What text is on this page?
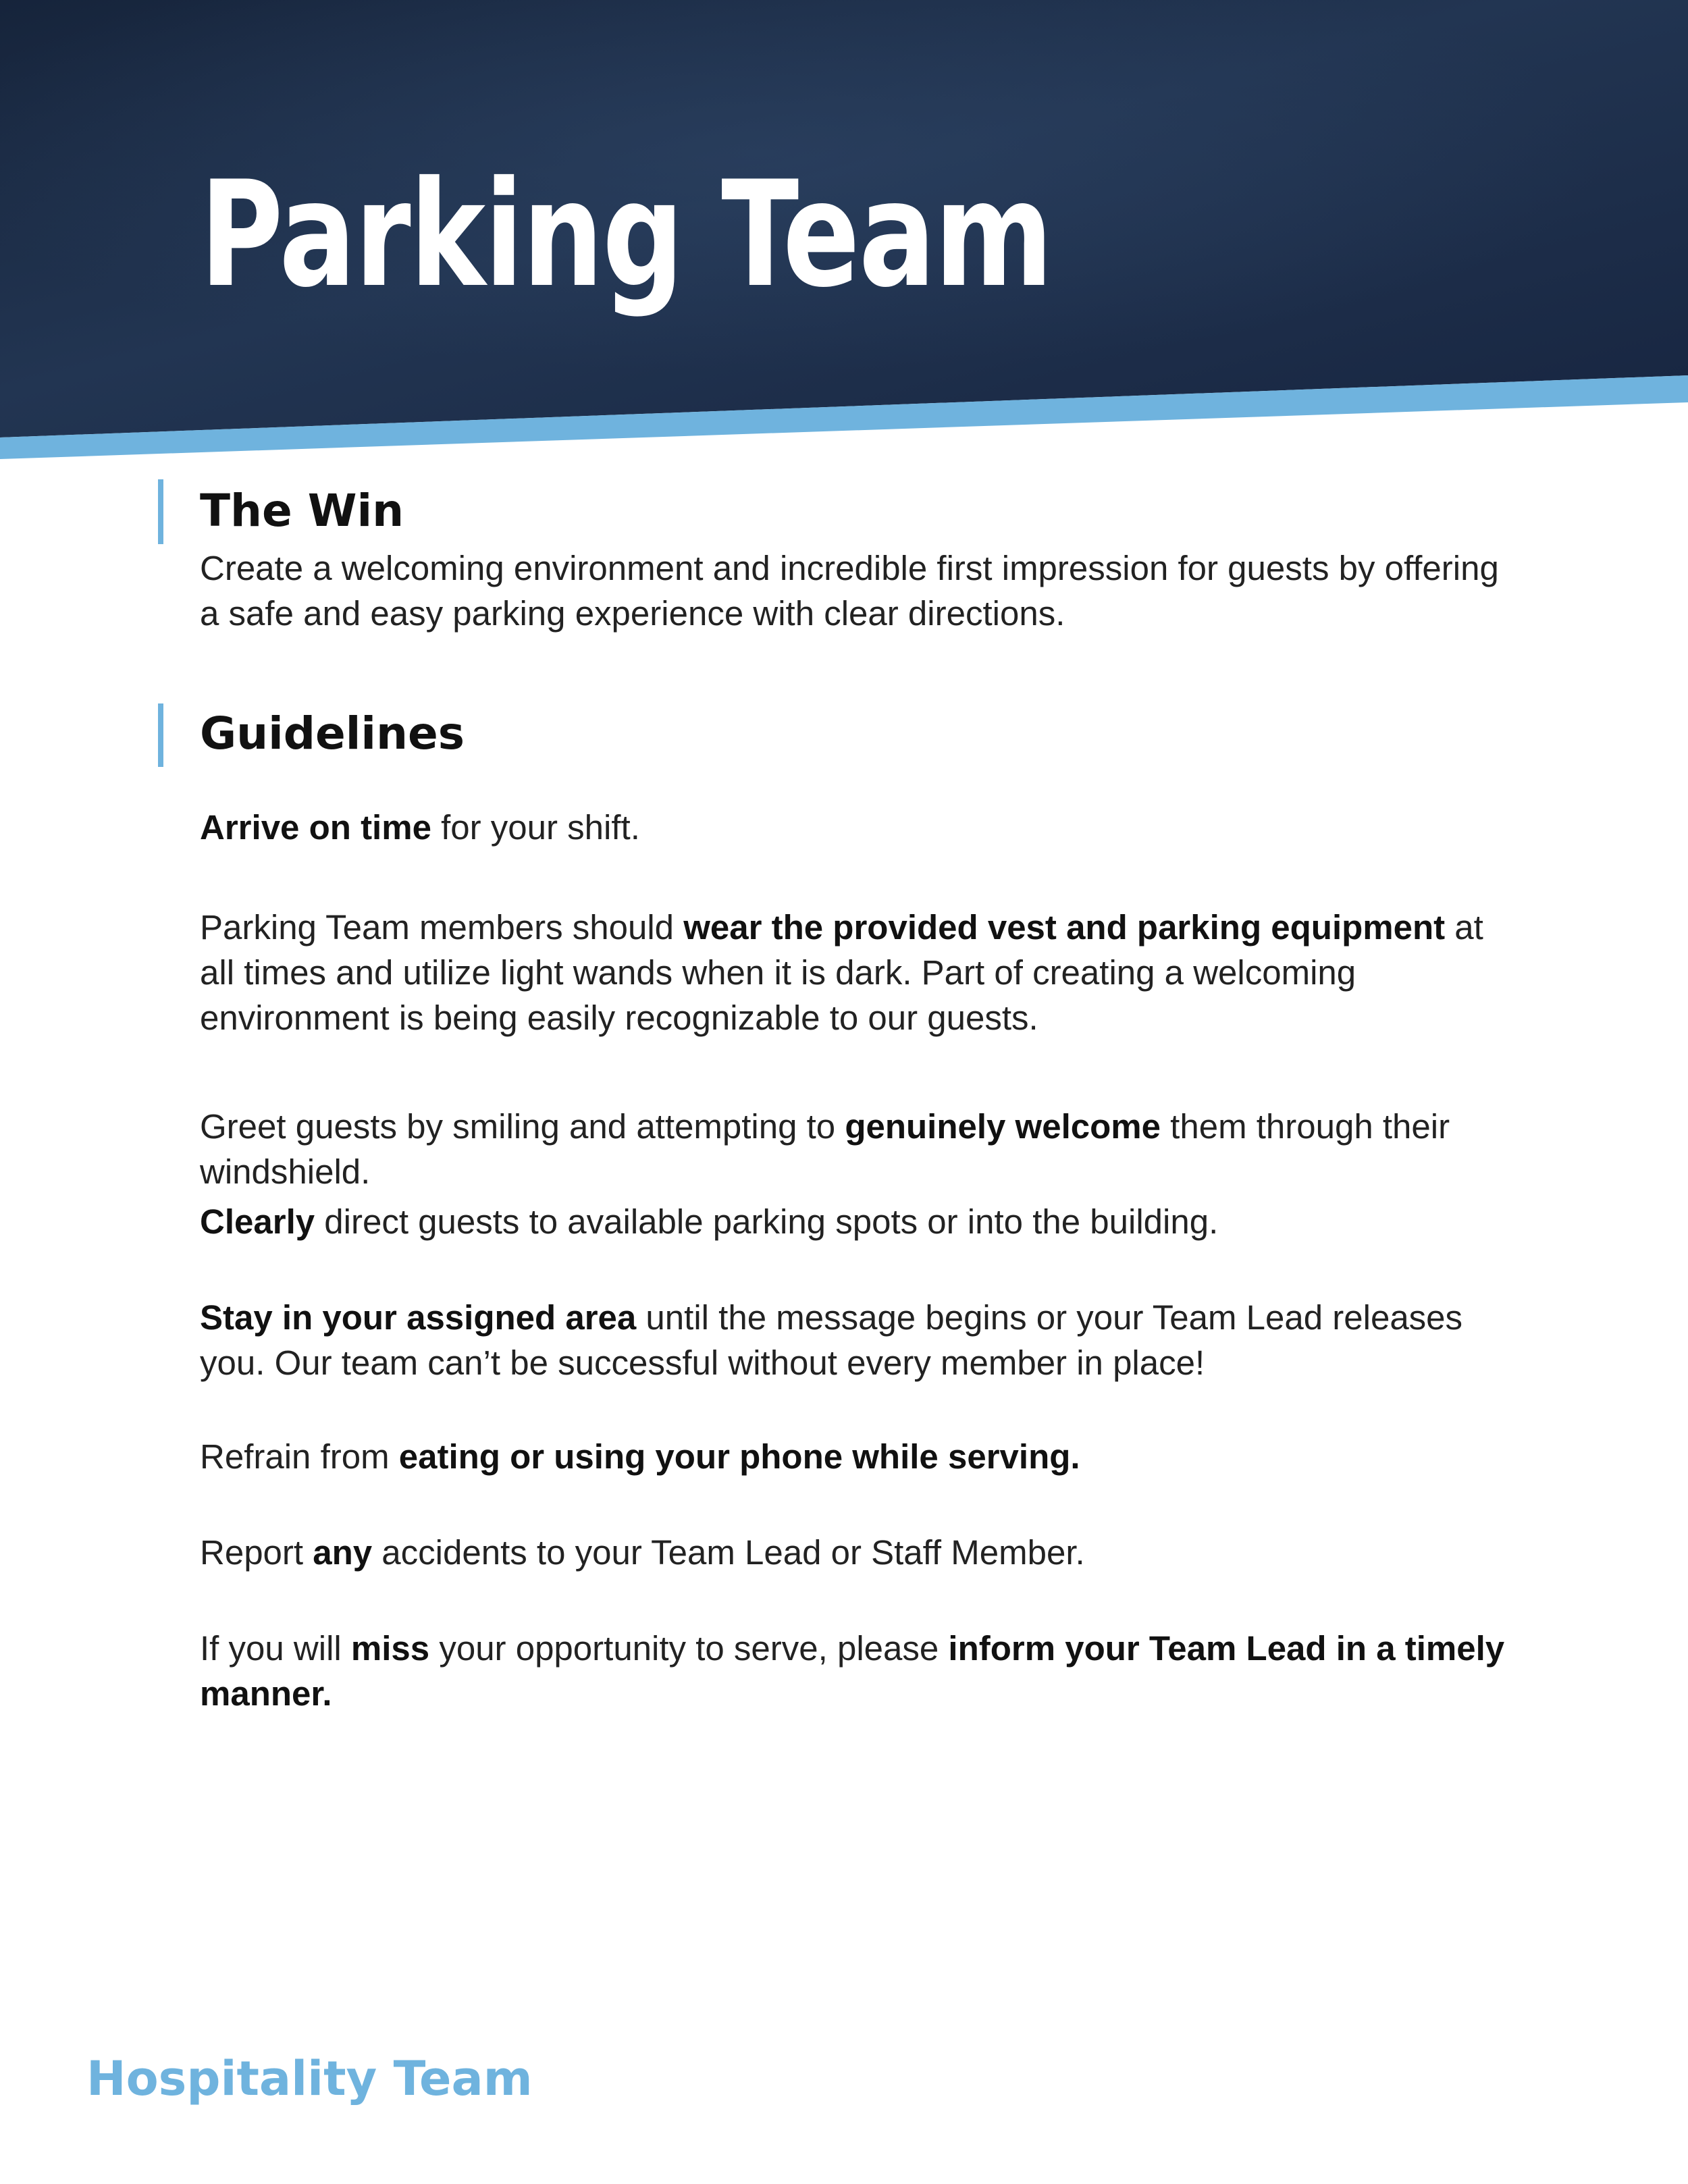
Parking Team
The Win
Create a welcoming environment and incredible first impression for guests by offering a safe and easy parking experience with clear directions.
Guidelines
Arrive on time for your shift.
Parking Team members should wear the provided vest and parking equipment at all times and utilize light wands when it is dark. Part of creating a welcoming environment is being easily recognizable to our guests.
Greet guests by smiling and attempting to genuinely welcome them through their windshield.
Clearly direct guests to available parking spots or into the building.
Stay in your assigned area until the message begins or your Team Lead releases you. Our team can’t be successful without every member in place!
Refrain from eating or using your phone while serving.
Report any accidents to your Team Lead or Staff Member.
If you will miss your opportunity to serve, please inform your Team Lead in a timely manner.
Hospitality Team
